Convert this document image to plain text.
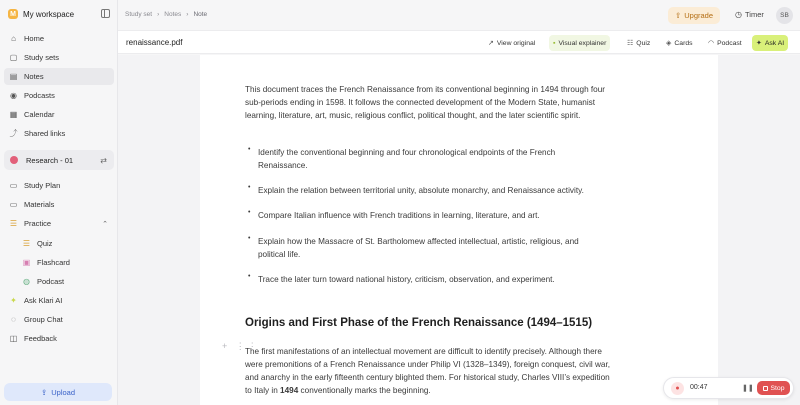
M My workspace
⌂ Home
▢ Study sets
▤ Notes
◉ Podcasts
▦ Calendar
⤴ Shared links
Research - 01	⇄
▭ Study Plan
▭ Materials
☰ Practice	⌃
☰ Quiz
▣ Flashcard
◍ Podcast
✦ Ask Klari AI
◌ Group Chat
◫ Feedback
⇪ Upload
Study set › Notes › Note	⇧ Upgrade	◷ Timer	SB
renaissance.pdf	↗ View original	▪ Visual explainer	☷ Quiz ◈ Cards ◠ Podcast ✦ Ask AI

This document traces the French Renaissance from its conventional beginning in 1494 through four sub-periods ending in 1598. It follows the connected development of the Modern State, humanist learning, literature, art, music, religious conflict, political thought, and the later scientific spirit.

• Identify the conventional beginning and four chronological endpoints of the French Renaissance.
• Explain the relation between territorial unity, absolute monarchy, and Renaissance activity.
• Compare Italian influence with French traditions in learning, literature, and art.
• Explain how the Massacre of St. Bartholomew affected intellectual, artistic, religious, and political life.
• Trace the later turn toward national history, criticism, observation, and experiment.
Origins and First Phase of the French Renaissance (1494–1515)

The first manifestations of an intellectual movement are difficult to identify precisely. Although there were premonitions of a French Renaissance under Philip VI (1328–1349), foreign conquest, civil war, and anarchy in the early fifteenth century blighted them. For historical study, Charles VIII’s expedition to Italy in 1494 conventionally marks the beginning.

+ ⋮⋮
●	00:47	❚❚ Stop
